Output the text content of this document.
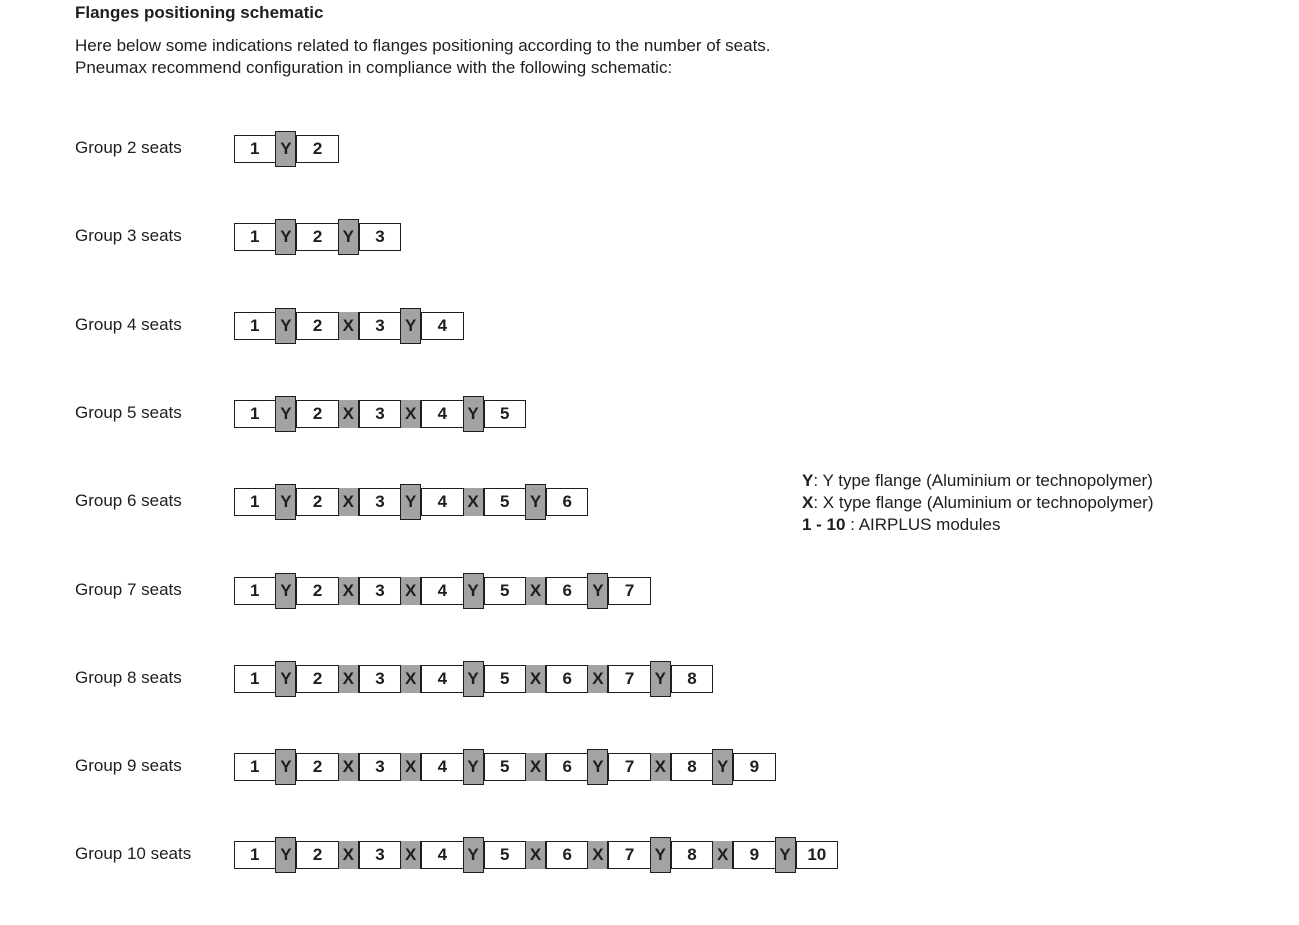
Flanges positioning schematic
Here below some indications related to flanges positioning according to the number of seats.
Pneumax recommend configuration in compliance with the following schematic:
Group 2 seats	1	Y	2
Group 3 seats	1	Y	2	Y	3
Group 4 seats	1	Y	2	X	3	Y	4
Group 5 seats	1	Y	2	X	3	X	4	Y	5
Group 6 seats	1	Y	2	X	3	Y	4	X	5	Y	6
Group 7 seats	1	Y	2	X	3	X	4	Y	5	X	6	Y	7
Group 8 seats	1	Y	2	X	3	X	4	Y	5	X	6	X	7	Y	8
Group 9 seats	1	Y	2	X	3	X	4	Y	5	X	6	Y	7	X	8	Y	9
Group 10 seats	1	Y	2	X	3	X	4	Y	5	X	6	X	7	Y	8	X	9	Y 10
Y: Y type flange (Aluminium or technopolymer)
X: X type flange (Aluminium or technopolymer)
1 - 10 : AIRPLUS modules
